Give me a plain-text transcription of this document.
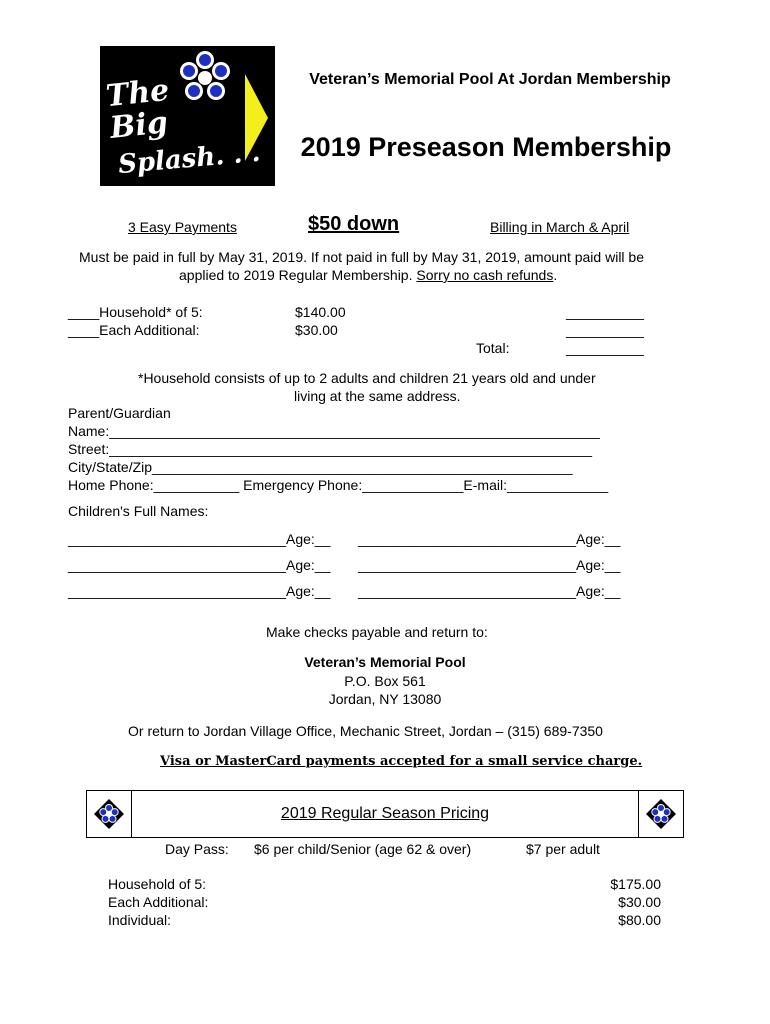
The
Big
Splash. . .
Veteran’s Memorial Pool At Jordan Membership
2019 Preseason Membership
3 Easy Payments	$50 down	Billing in March & April
Must be paid in full by May 31, 2019. If not paid in full by May 31, 2019, amount paid will be
applied to 2019 Regular Membership. Sorry no cash refunds.
____Household* of 5:	$140.00	__________
____Each Additional:	$30.00	__________
Total:	__________
*Household consists of up to 2 adults and children 21 years old and under
living at the same address.
Parent/Guardian
Name:_______________________________________________________________
Street:______________________________________________________________
City/State/Zip______________________________________________________
Home Phone:___________ Emergency Phone:_____________E-mail:_____________
Children's Full Names:
____________________________Age:__ ____________________________Age:__
____________________________Age:__ ____________________________Age:__
____________________________Age:__ ____________________________Age:__
Make checks payable and return to:
Veteran’s Memorial Pool
P.O. Box 561
Jordan, NY 13080
Or return to Jordan Village Office, Mechanic Street, Jordan – (315) 689-7350
Visa or MasterCard payments accepted for a small service charge.
2019 Regular Season Pricing
Day Pass: $6 per child/Senior (age 62 & over)	$7 per adult
Household of 5:	$175.00
Each Additional:	$30.00
Individual:	$80.00
